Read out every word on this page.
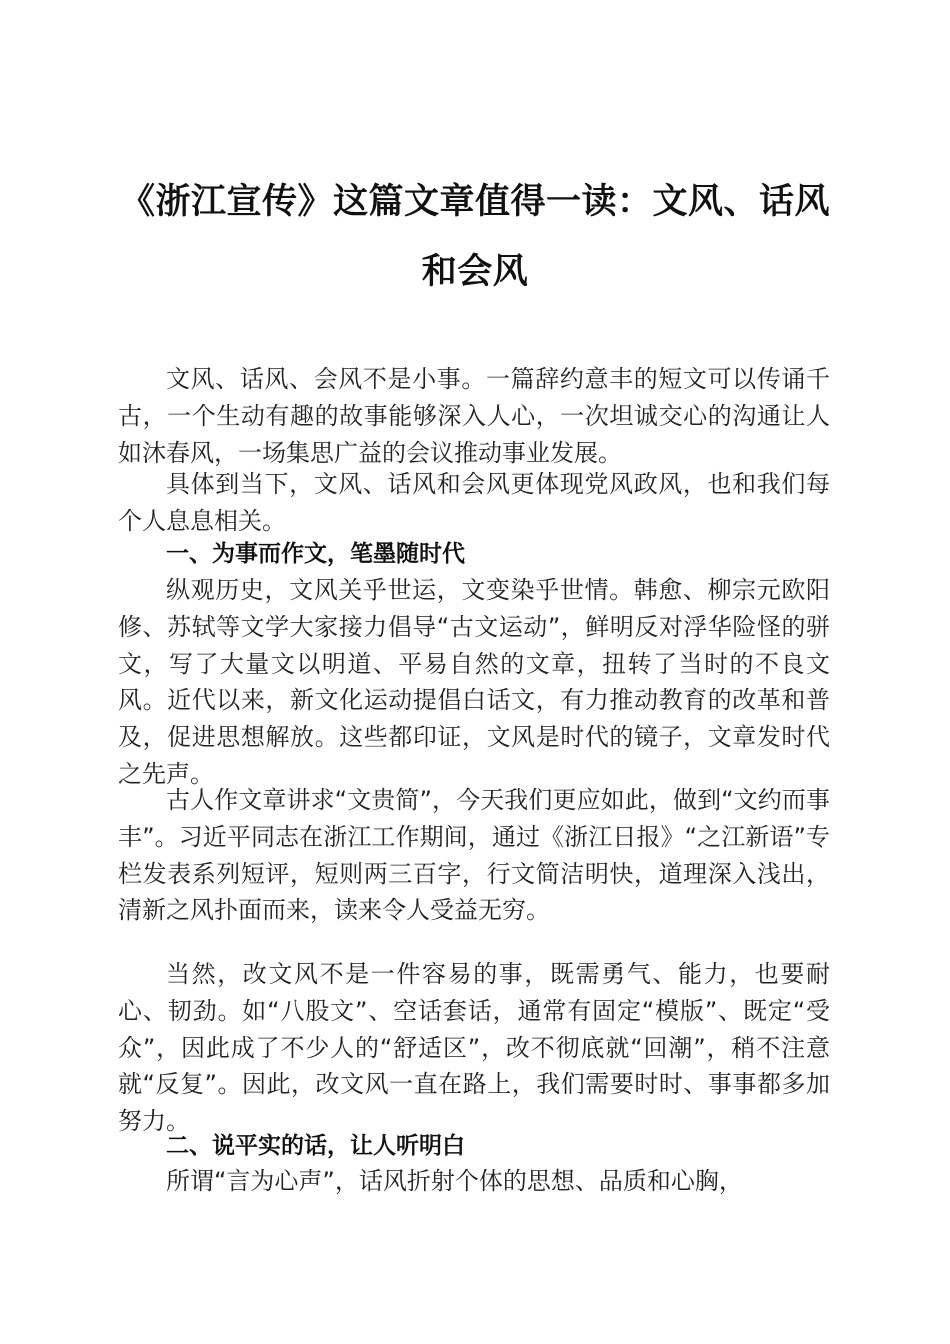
《浙江宣传》这篇文章值得一读：文风、话风
和会风
文风、话风、会风不是小事。一篇辞约意丰的短文可以传诵千古，一个生动有趣的故事能够深入人心，一次坦诚交心的沟通让人如沐春风，一场集思广益的会议推动事业发展。
具体到当下，文风、话风和会风更体现党风政风，也和我们每个人息息相关。
一、为事而作文，笔墨随时代
纵观历史，文风关乎世运，文变染乎世情。韩愈、柳宗元欧阳修、苏轼等文学大家接力倡导“古文运动”，鲜明反对浮华险怪的骈文，写了大量文以明道、平易自然的文章，扭转了当时的不良文风。近代以来，新文化运动提倡白话文，有力推动教育的改革和普及，促进思想解放。这些都印证，文风是时代的镜子，文章发时代之先声。
古人作文章讲求“文贵简”，今天我们更应如此，做到“文约而事丰”。习近平同志在浙江工作期间，通过《浙江日报》“之江新语”专栏发表系列短评，短则两三百字，行文简洁明快，道理深入浅出，清新之风扑面而来，读来令人受益无穷。
当然，改文风不是一件容易的事，既需勇气、能力，也要耐心、韧劲。如“八股文”、空话套话，通常有固定“模版”、既定“受众”，因此成了不少人的“舒适区”，改不彻底就“回潮”，稍不注意就“反复”。因此，改文风一直在路上，我们需要时时、事事都多加努力。
二、说平实的话，让人听明白
所谓“言为心声”，话风折射个体的思想、品质和心胸，
